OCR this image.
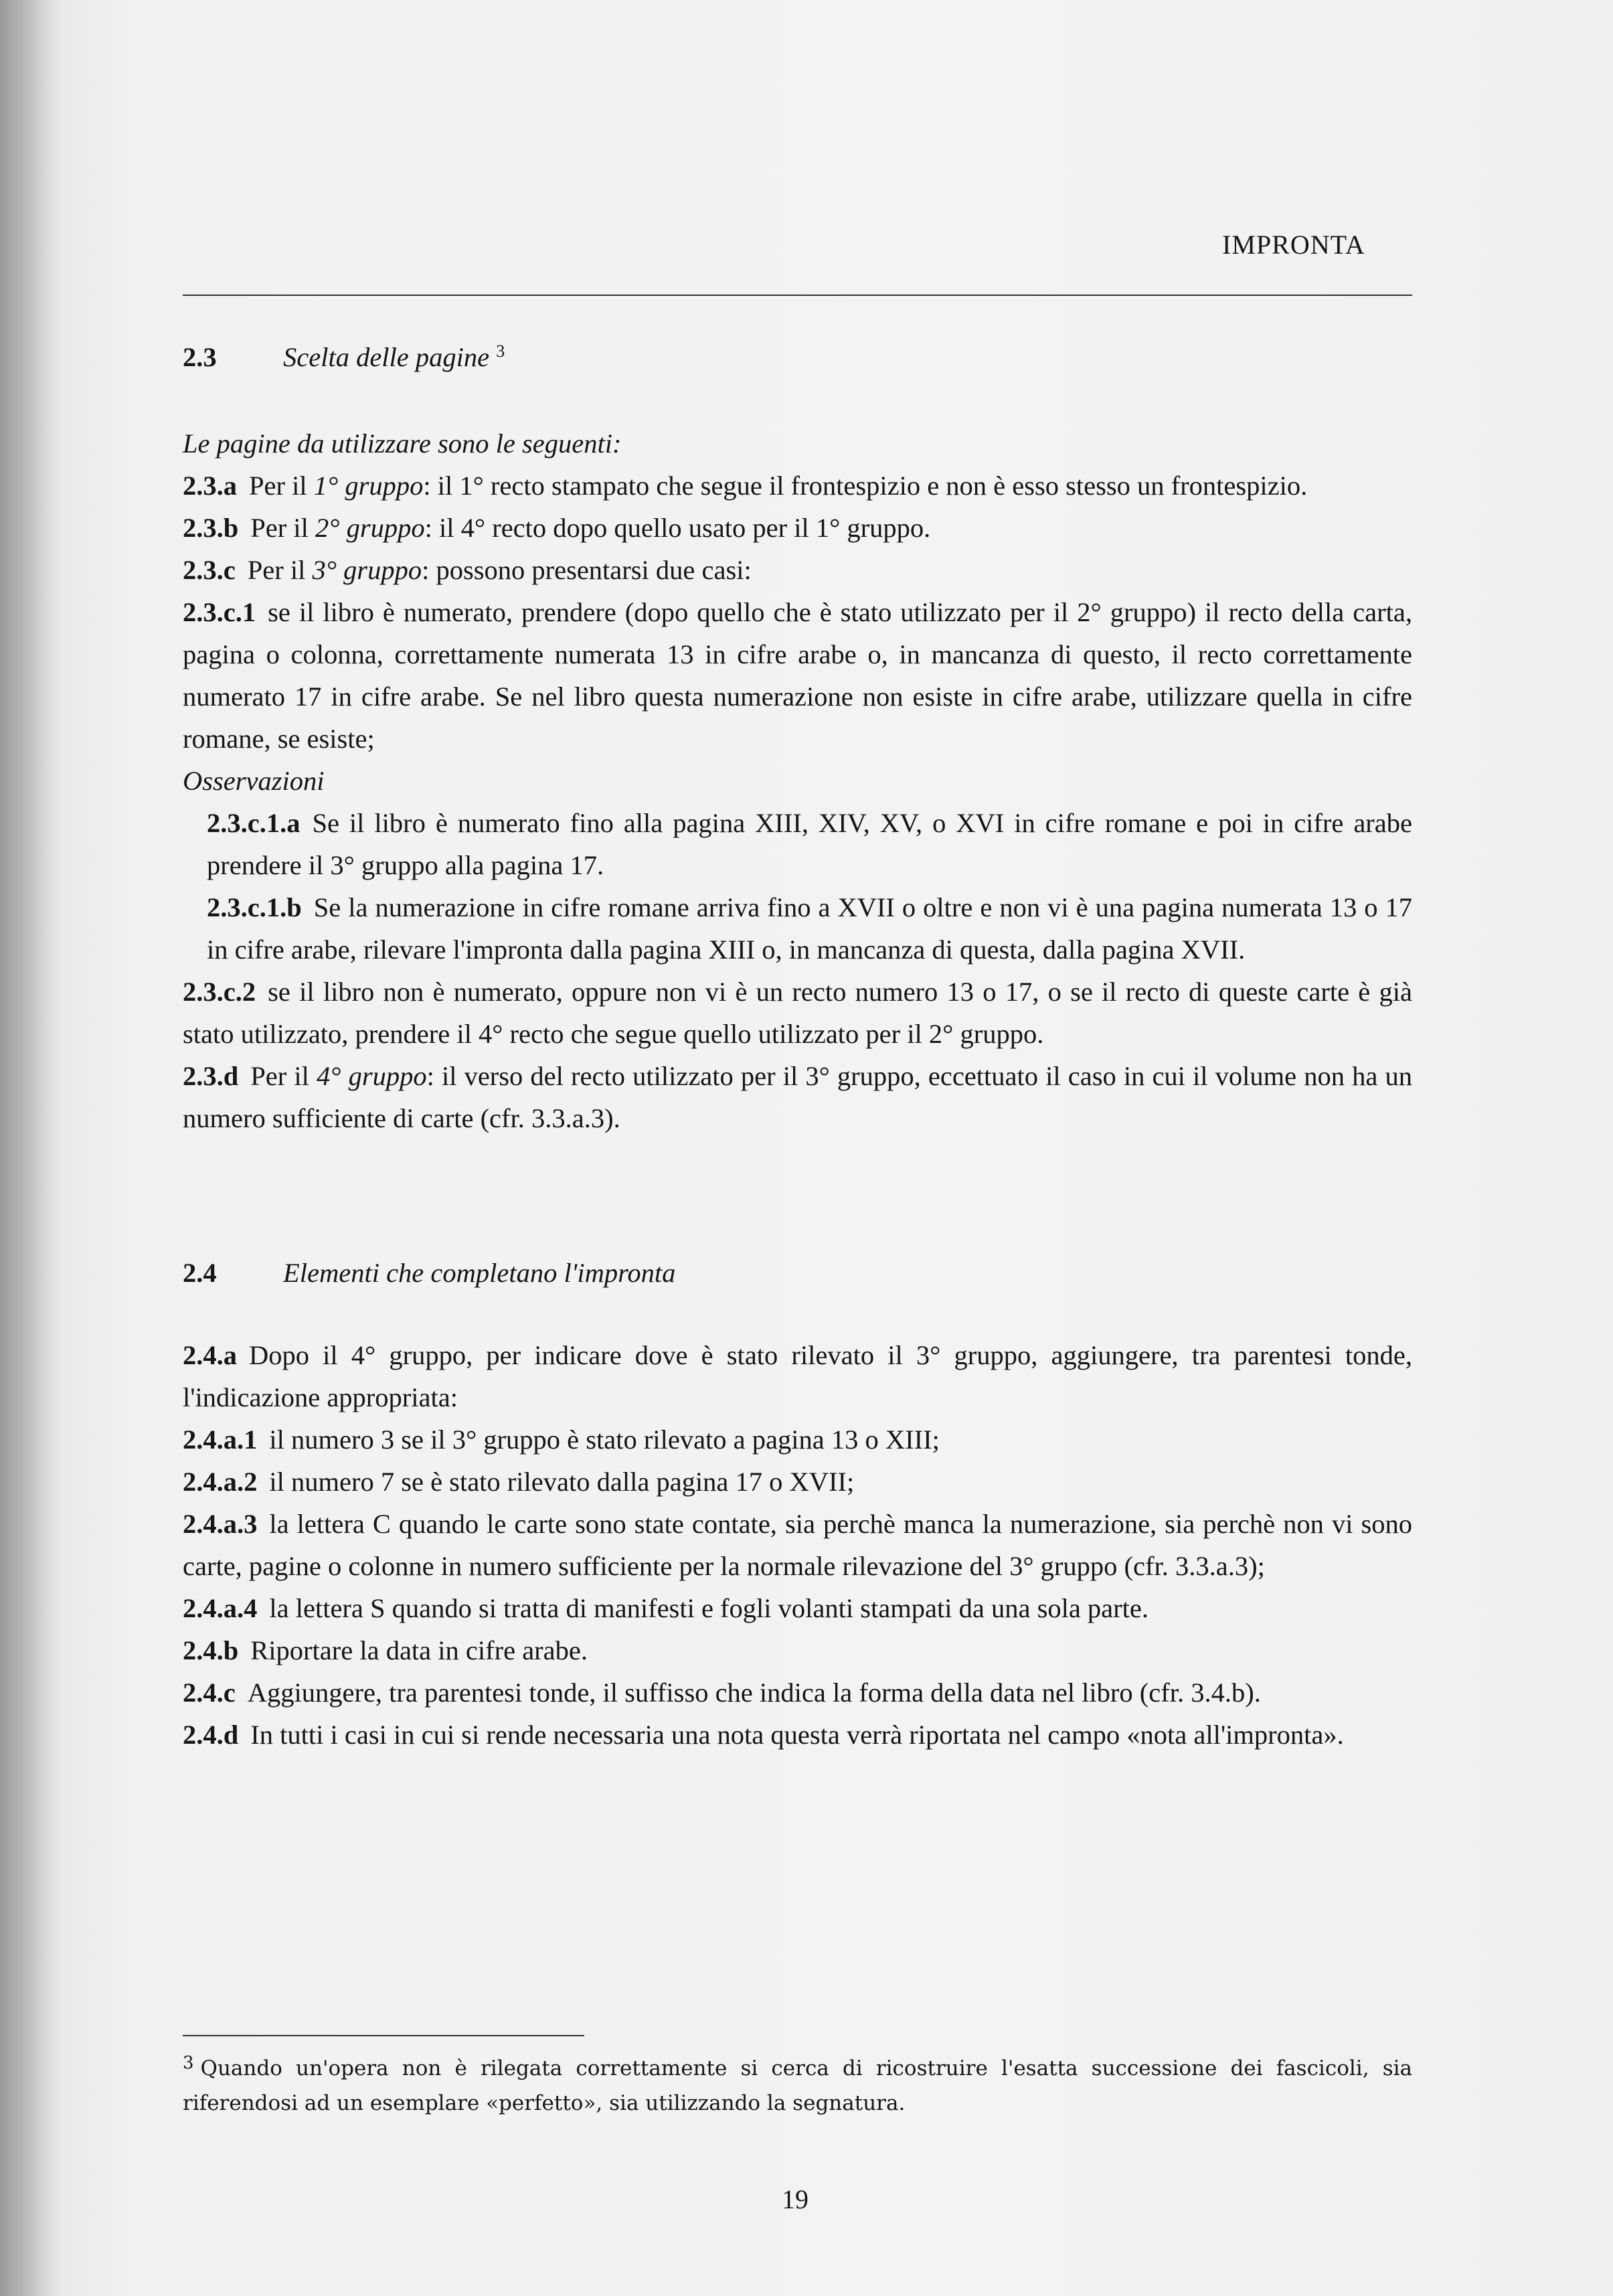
IMPRONTA
2.3 Scelta delle pagine $^3$

Le pagine da utilizzare sono le seguenti:

2.3.a Per il 1° gruppo: il 1° recto stampato che segue il frontespizio e non è esso stesso un frontespizio.

2.3.b Per il 2° gruppo: il 4° recto dopo quello usato per il 1° gruppo.

2.3.c Per il 3° gruppo: possono presentarsi due casi:

2.3.c.1 se il libro è numerato, prendere (dopo quello che è stato utilizzato per il 2° gruppo) il recto della carta, pagina o colonna, correttamente numerata 13 in cifre arabe o, in mancanza di questo, il recto correttamente numerato 17 in cifre arabe. Se nel libro questa numerazione non esiste in cifre arabe, utilizzare quella in cifre romane, se esiste;

Osservazioni

2.3.c.1.a Se il libro è numerato fino alla pagina XIII, XIV, XV, o XVI in cifre romane e poi in cifre arabe prendere il 3° gruppo alla pagina 17.

2.3.c.1.b Se la numerazione in cifre romane arriva fino a XVII o oltre e non vi è una pagina numerata 13 o 17 in cifre arabe, rilevare l'impronta dalla pagina XIII o, in mancanza di questa, dalla pagina XVII.

2.3.c.2 se il libro non è numerato, oppure non vi è un recto numero 13 o 17, o se il recto di queste carte è già stato utilizzato, prendere il 4° recto che segue quello utilizzato per il 2° gruppo.

2.3.d Per il 4° gruppo: il verso del recto utilizzato per il 3° gruppo, eccettuato il caso in cui il volume non ha un numero sufficiente di carte (cfr. 3.3.a.3).

2.4 Elementi che completano l'impronta

2.4.a Dopo il 4° gruppo, per indicare dove è stato rilevato il 3° gruppo, aggiungere, tra parentesi tonde, l'indicazione appropriata:

2.4.a.1 il numero 3 se il 3° gruppo è stato rilevato a pagina 13 o XIII;

2.4.a.2 il numero 7 se è stato rilevato dalla pagina 17 o XVII;

2.4.a.3 la lettera C quando le carte sono state contate, sia perchè manca la numerazione, sia perchè non vi sono carte, pagine o colonne in numero sufficiente per la normale rilevazione del 3° gruppo (cfr. 3.3.a.3);

2.4.a.4 la lettera S quando si tratta di manifesti e fogli volanti stampati da una sola parte.

2.4.b Riportare la data in cifre arabe.

2.4.c Aggiungere, tra parentesi tonde, il suffisso che indica la forma della data nel libro (cfr. 3.4.b).

2.4.d In tutti i casi in cui si rende necessaria una nota questa verrà riportata nel campo «nota all'impronta».

$^3$ Quando un'opera non è rilegata correttamente si cerca di ricostruire l'esatta successione dei fascicoli, sia riferendosi ad un esemplare «perfetto», sia utilizzando la segnatura.
19
